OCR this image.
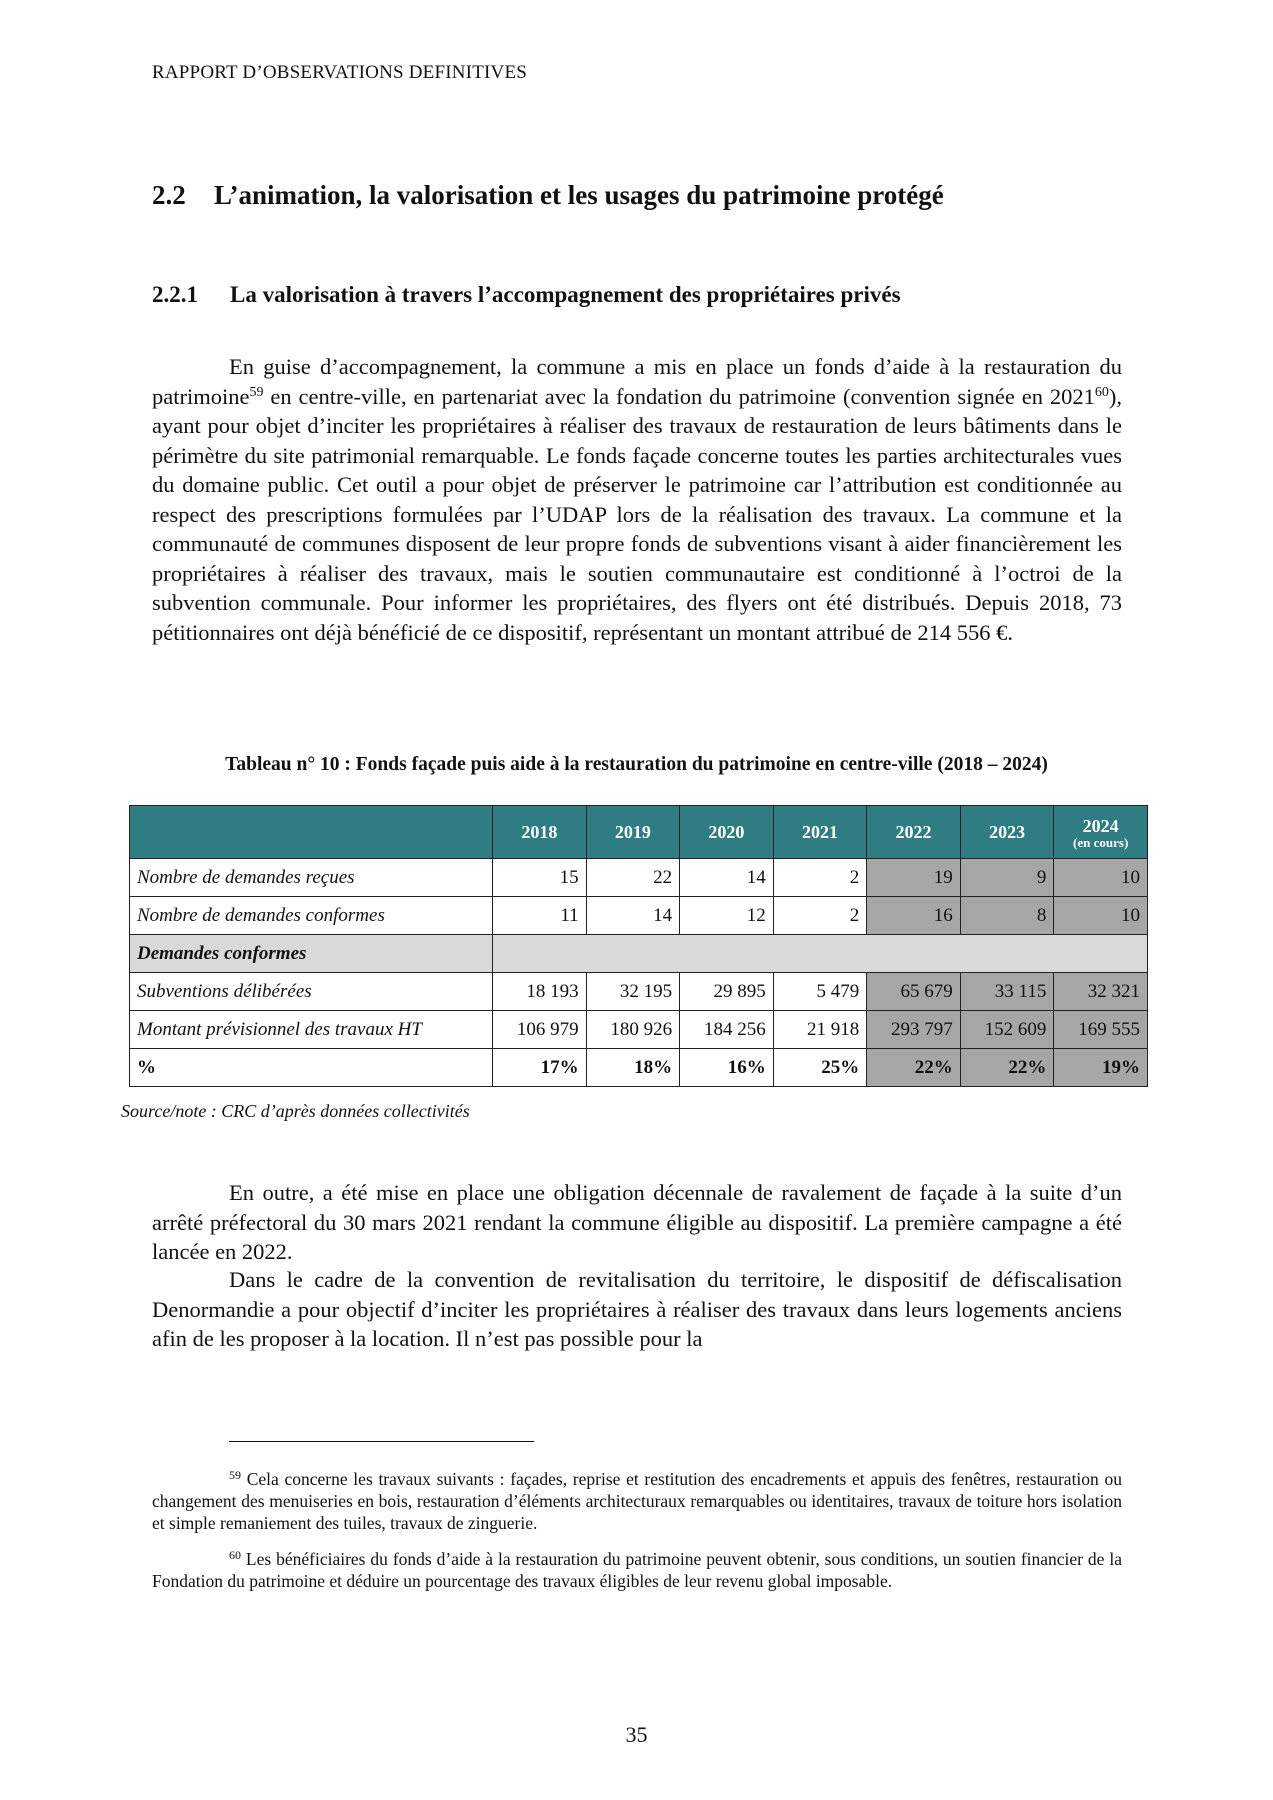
RAPPORT D’OBSERVATIONS DEFINITIVES
2.2 L’animation, la valorisation et les usages du patrimoine protégé
2.2.1 La valorisation à travers l’accompagnement des propriétaires privés

En guise d’accompagnement, la commune a mis en place un fonds d’aide à la restauration du patrimoine$^{59}$ en centre-ville, en partenariat avec la fondation du patrimoine (convention signée en 2021$^{60}$), ayant pour objet d’inciter les propriétaires à réaliser des travaux de restauration de leurs bâtiments dans le périmètre du site patrimonial remarquable. Le fonds façade concerne toutes les parties architecturales vues du domaine public. Cet outil a pour objet de préserver le patrimoine car l’attribution est conditionnée au respect des prescriptions formulées par l’UDAP lors de la réalisation des travaux. La commune et la communauté de communes disposent de leur propre fonds de subventions visant à aider financièrement les propriétaires à réaliser des travaux, mais le soutien communautaire est conditionné à l’octroi de la subvention communale. Pour informer les propriétaires, des flyers ont été distribués. Depuis 2018, 73 pétitionnaires ont déjà bénéficié de ce dispositif, représentant un montant attribué de 214 556 €.

Tableau n° 10 : Fonds façade puis aide à la restauration du patrimoine en centre-ville (2018 – 2024)
	2018	2019	2020	2021	2022	2023	2024
(en cours)

Nombre de demandes reçues	15	22	14	2	19	9	10
Nombre de demandes conformes	11	14	12	2	16	8	10
Demandes conformes							
Subventions délibérées	18 193	32 195	29 895	5 479	65 679	33 115	32 321
Montant prévisionnel des travaux HT	106 979	180 926	184 256	21 918	293 797	152 609	169 555
%	17%	18%	16%	25%	22%	22%	19%
Source/note : CRC d’après données collectivités

En outre, a été mise en place une obligation décennale de ravalement de façade à la suite d’un arrêté préfectoral du 30 mars 2021 rendant la commune éligible au dispositif. La première campagne a été lancée en 2022.

Dans le cadre de la convention de revitalisation du territoire, le dispositif de défiscalisation Denormandie a pour objectif d’inciter les propriétaires à réaliser des travaux dans leurs logements anciens afin de les proposer à la location. Il n’est pas possible pour la

$^{59}$ Cela concerne les travaux suivants : façades, reprise et restitution des encadrements et appuis des fenêtres, restauration ou changement des menuiseries en bois, restauration d’éléments architecturaux remarquables ou identitaires, travaux de toiture hors isolation et simple remaniement des tuiles, travaux de zinguerie.

$^{60}$ Les bénéficiaires du fonds d’aide à la restauration du patrimoine peuvent obtenir, sous conditions, un soutien financier de la Fondation du patrimoine et déduire un pourcentage des travaux éligibles de leur revenu global imposable.

35
